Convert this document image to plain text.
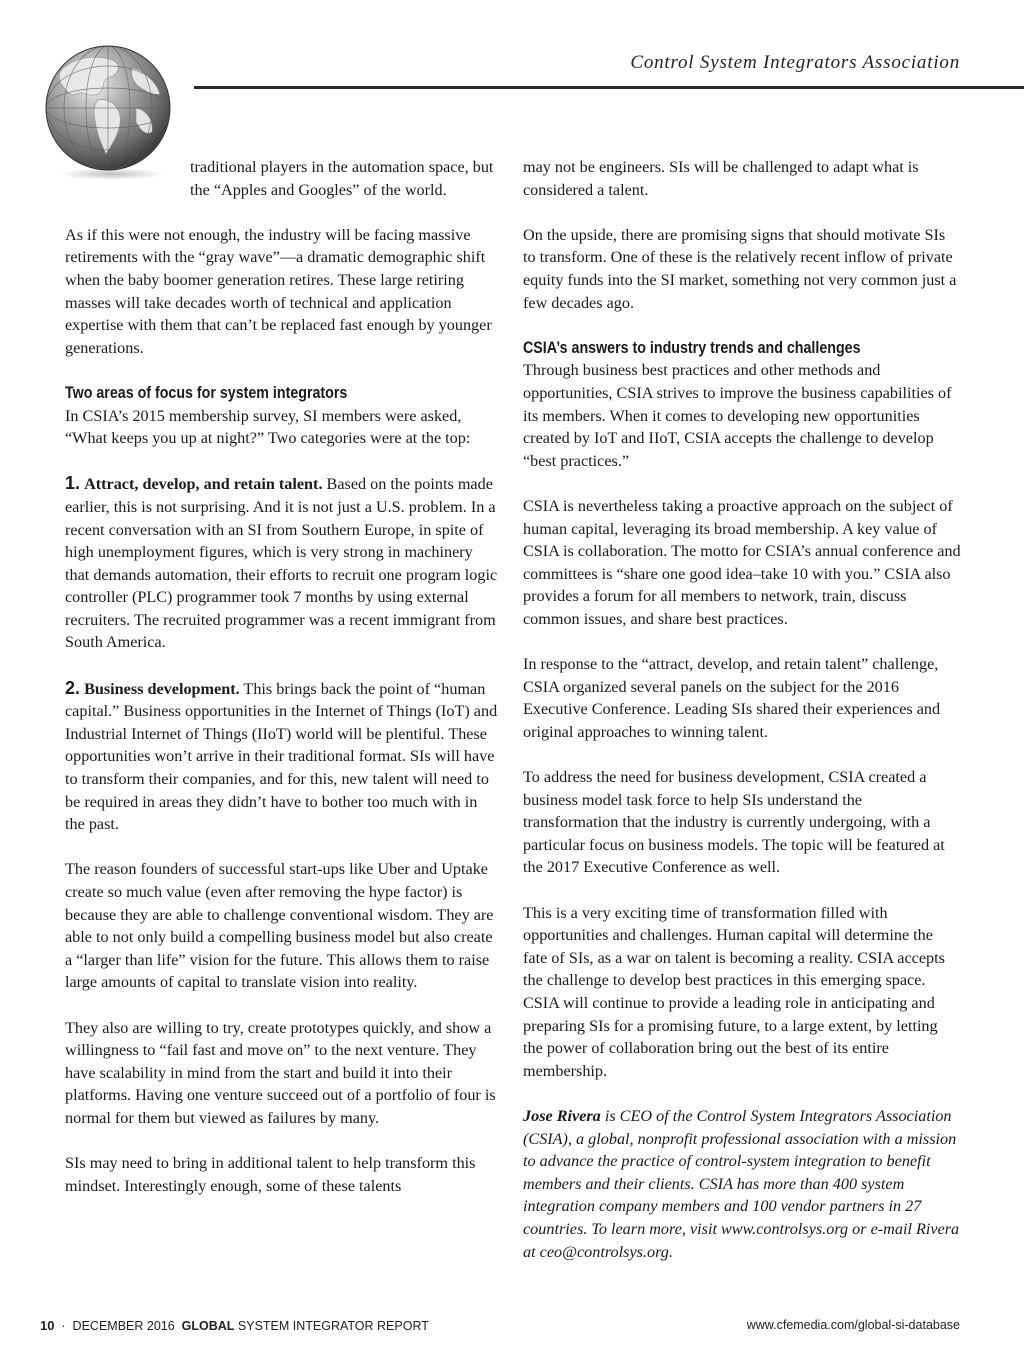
Control System Integrators Association

traditional players in the automation space, but the “Apples and Googles” of the world.

As if this were not enough, the industry will be facing massive retirements with the “gray wave”—a dramatic demographic shift when the baby boomer generation retires. These large retiring masses will take decades worth of technical and application expertise with them that can’t be replaced fast enough by younger generations.

Two areas of focus for system integrators

In CSIA’s 2015 membership survey, SI members were asked, “What keeps you up at night?” Two categories were at the top:

1. Attract, develop, and retain talent. Based on the points made earlier, this is not surprising. And it is not just a U.S. problem. In a recent conversation with an SI from Southern Europe, in spite of high unemployment figures, which is very strong in machinery that demands automation, their efforts to recruit one program logic controller (PLC) programmer took 7 months by using external recruiters. The recruited programmer was a recent immigrant from South America.

2. Business development. This brings back the point of “human capital.” Business opportunities in the Internet of Things (IoT) and Industrial Internet of Things (IIoT) world will be plentiful. These opportunities won’t arrive in their traditional format. SIs will have to transform their companies, and for this, new talent will need to be required in areas they didn’t have to bother too much with in the past.

The reason founders of successful start-ups like Uber and Uptake create so much value (even after removing the hype factor) is because they are able to challenge conventional wisdom. They are able to not only build a compelling business model but also create a “larger than life” vision for the future. This allows them to raise large amounts of capital to translate vision into reality.

They also are willing to try, create prototypes quickly, and show a willingness to “fail fast and move on” to the next venture. They have scalability in mind from the start and build it into their platforms. Having one venture succeed out of a portfolio of four is normal for them but viewed as failures by many.

SIs may need to bring in additional talent to help transform this mindset. Interestingly enough, some of these talents

may not be engineers. SIs will be challenged to adapt what is considered a talent.

On the upside, there are promising signs that should motivate SIs to transform. One of these is the relatively recent inflow of private equity funds into the SI market, something not very common just a few decades ago.

CSIA’s answers to industry trends and challenges

Through business best practices and other methods and opportunities, CSIA strives to improve the business capabilities of its members. When it comes to developing new opportunities created by IoT and IIoT, CSIA accepts the challenge to develop “best practices.”

CSIA is nevertheless taking a proactive approach on the subject of human capital, leveraging its broad membership. A key value of CSIA is collaboration. The motto for CSIA’s annual conference and committees is “share one good idea–take 10 with you.” CSIA also provides a forum for all members to network, train, discuss common issues, and share best practices.

In response to the “attract, develop, and retain talent” challenge, CSIA organized several panels on the subject for the 2016 Executive Conference. Leading SIs shared their experiences and original approaches to winning talent.

To address the need for business development, CSIA created a business model task force to help SIs understand the transformation that the industry is currently undergoing, with a particular focus on business models. The topic will be featured at the 2017 Executive Conference as well.

This is a very exciting time of transformation filled with opportunities and challenges. Human capital will determine the fate of SIs, as a war on talent is becoming a reality. CSIA accepts the challenge to develop best practices in this emerging space. CSIA will continue to provide a leading role in anticipating and preparing SIs for a promising future, to a large extent, by letting the power of collaboration bring out the best of its entire membership.

Jose Rivera is CEO of the Control System Integrators Association (CSIA), a global, nonprofit professional association with a mission to advance the practice of control-system integration to benefit members and their clients. CSIA has more than 400 system integration company members and 100 vendor partners in 27 countries. To learn more, visit www.controlsys.org or e-mail Rivera at ceo@controlsys.org.

10 · DECEMBER 2016 GLOBAL SYSTEM INTEGRATOR REPORT	www.cfemedia.com/global-si-database
